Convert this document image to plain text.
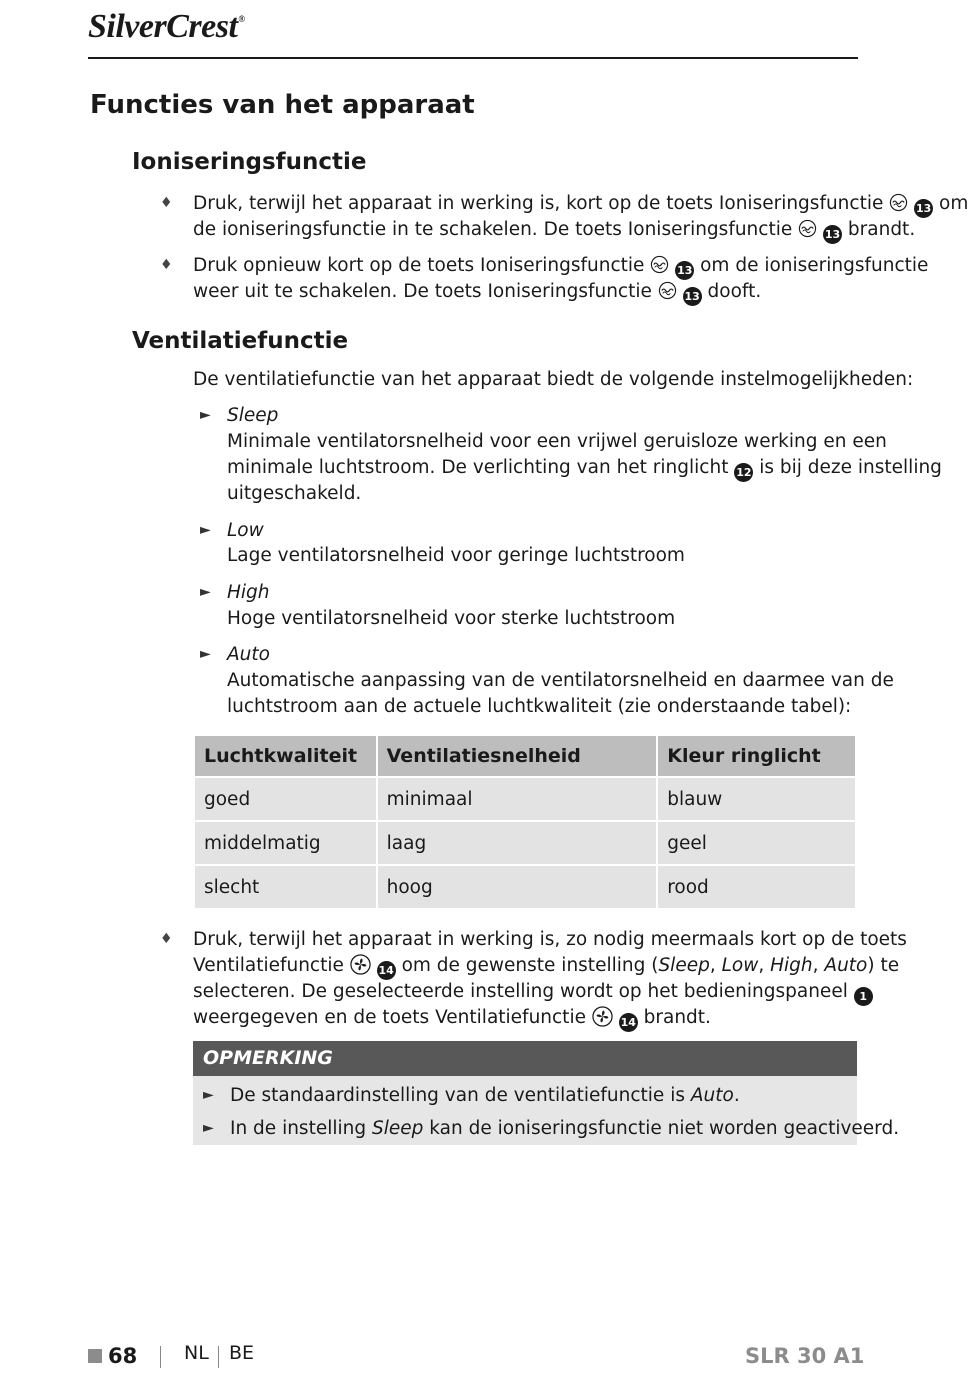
SilverCrest®
Functies van het apparaat
Ioniseringsfunctie
♦ Druk, terwijl het apparaat in werking is, kort op de toets Ioniseringsfunctie	13 om
de ioniseringsfunctie in te schakelen. De toets Ioniseringsfunctie	13 brandt.
♦ Druk opnieuw kort op de toets Ioniseringsfunctie	13 om de ioniseringsfunctie
weer uit te schakelen. De toets Ioniseringsfunctie	13 dooft.
Ventilatiefunctie
De ventilatiefunctie van het apparaat biedt de volgende instelmogelijkheden:
► Sleep
Minimale ventilatorsnelheid voor een vrijwel geruisloze werking en een
minimale luchtstroom. De verlichting van het ringlicht 12 is bij deze instelling
uitgeschakeld.
► Low
Lage ventilatorsnelheid voor geringe luchtstroom
► High
Hoge ventilatorsnelheid voor sterke luchtstroom
► Auto
Automatische aanpassing van de ventilatorsnelheid en daarmee van de
luchtstroom aan de actuele luchtkwaliteit (zie onderstaande tabel):
Luchtkwaliteit	Ventilatiesnelheid	Kleur ringlicht
goed	minimaal	blauw
middelmatig	laag	geel
slecht	hoog	rood
♦ Druk, terwijl het apparaat in werking is, zo nodig meermaals kort op de toets
Ventilatiefunctie	14 om de gewenste instelling (Sleep, Low, High, Auto) te
selecteren. De geselecteerde instelling wordt op het bedieningspaneel 1
weergegeven en de toets Ventilatiefunctie	14 brandt.
OPMERKING
► De standaardinstelling van de ventilatiefunctie is Auto.
► In de instelling Sleep kan de ioniseringsfunctie niet worden geactiveerd.
68 NL BE	SLR 30 A1
